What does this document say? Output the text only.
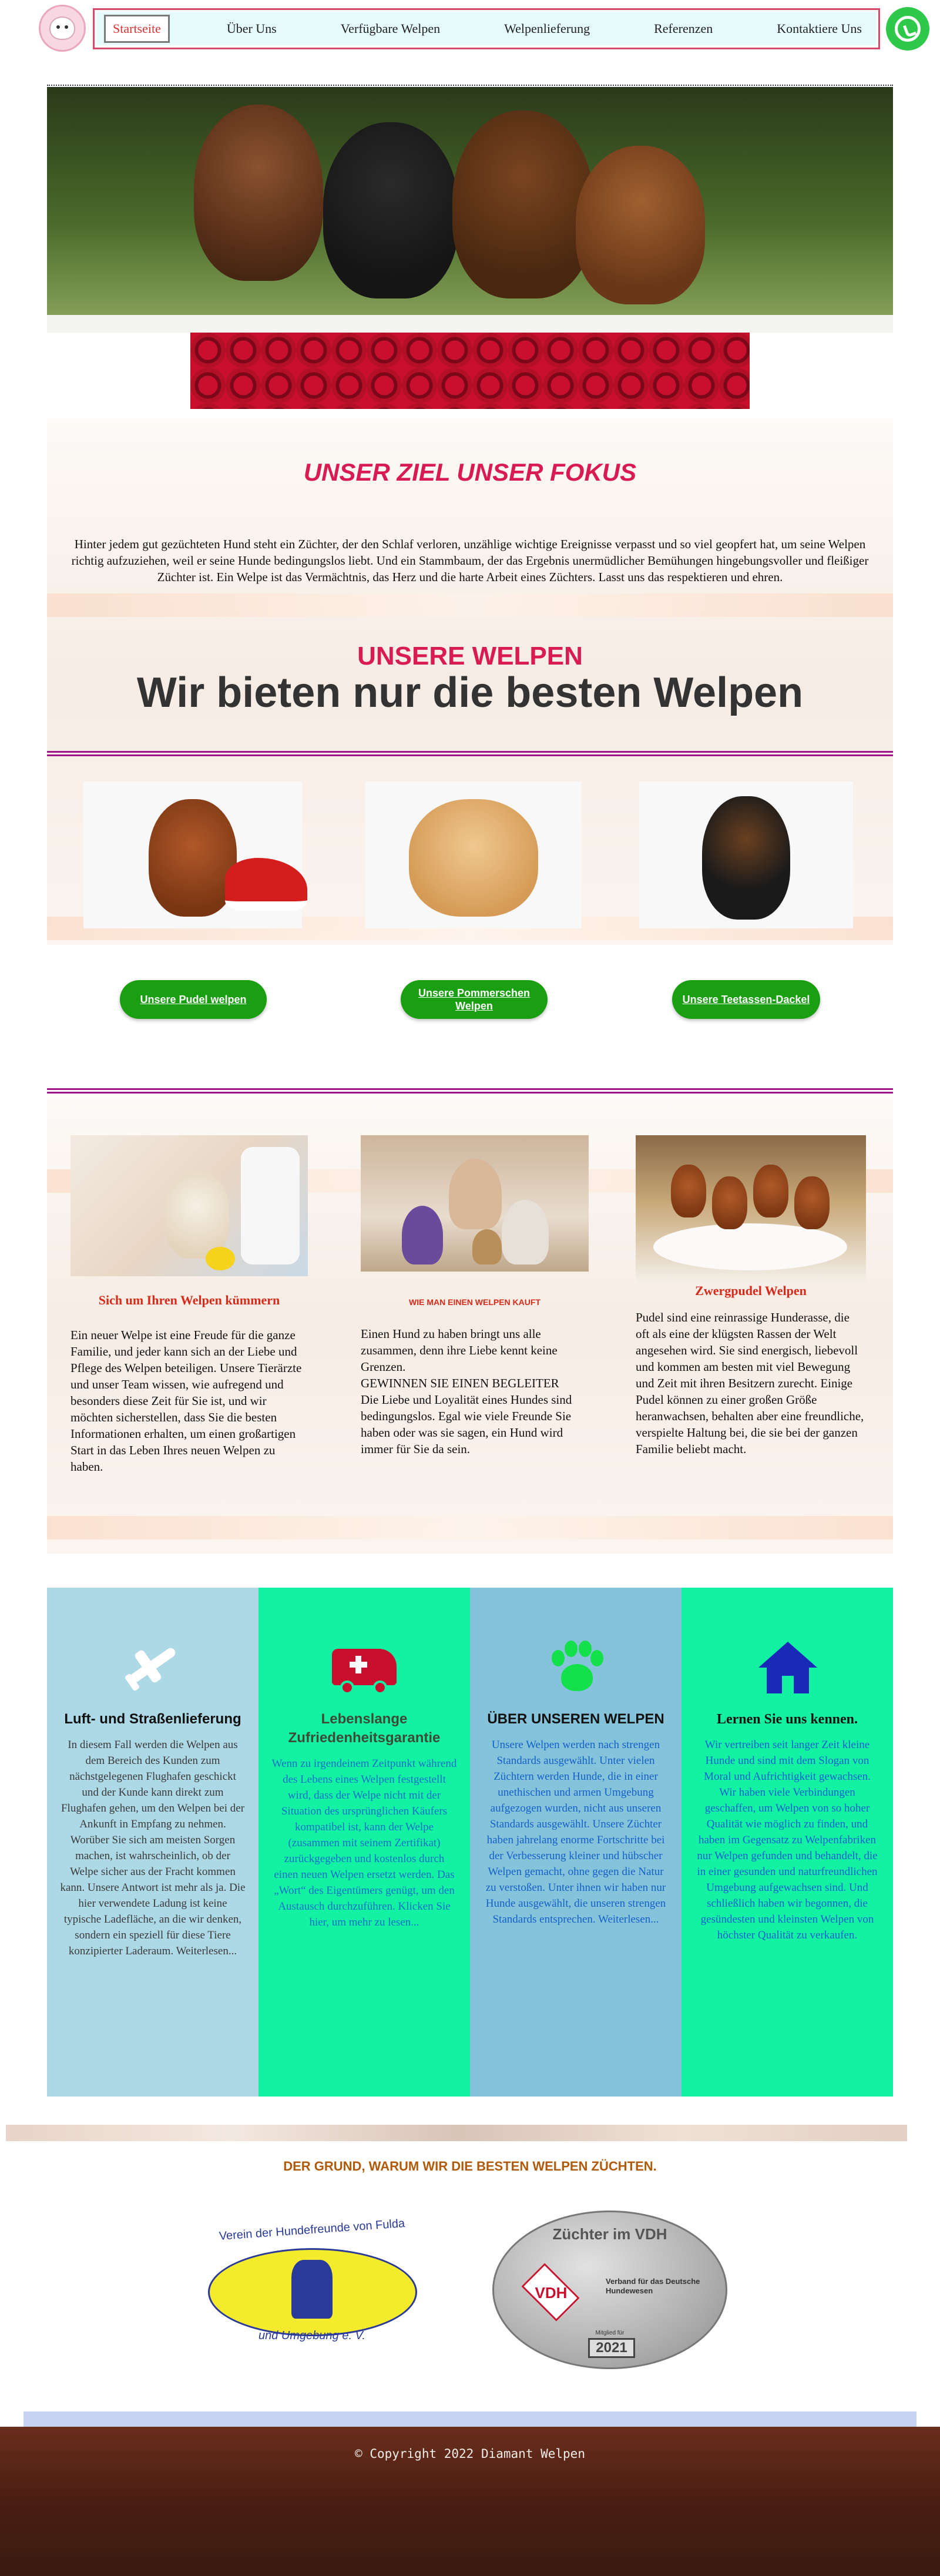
Startseite	Über Uns	Verfügbare Welpen	Welpenlieferung	Referenzen	Kontaktiere Uns
UNSER ZIEL UNSER FOKUS

Hinter jedem gut gezüchteten Hund steht ein Züchter, der den Schlaf verloren, unzählige wichtige Ereignisse verpasst und so viel geopfert hat, um seine Welpen richtig aufzuziehen, weil er seine Hunde bedingungslos liebt. Und ein Stammbaum, der das Ergebnis unermüdlicher Bemühungen hingebungsvoller und fleißiger Züchter ist. Ein Welpe ist das Vermächtnis, das Herz und die harte Arbeit eines Züchters. Lasst uns das respektieren und ehren.

UNSERE WELPEN
Wir bieten nur die besten Welpen
Unsere Pudel welpen
Unsere Pommerschen Welpen
Unsere Teetassen-Dackel
Sich um Ihren Welpen kümmern	WIE MAN EINEN WELPEN KAUFT
Zwergpudel Welpen

Ein neuer Welpe ist eine Freude für die ganze Familie, und jeder kann sich an der Liebe und Pflege des Welpen beteiligen. Unsere Tierärzte und unser Team wissen, wie aufregend und besonders diese Zeit für Sie ist, und wir möchten sicherstellen, dass Sie die besten Informationen erhalten, um einen großartigen Start in das Leben Ihres neuen Welpen zu haben.

Einen Hund zu haben bringt uns alle zusammen, denn ihre Liebe kennt keine Grenzen.
GEWINNEN SIE EINEN BEGLEITER
Die Liebe und Loyalität eines Hundes sind bedingungslos. Egal wie viele Freunde Sie haben oder was sie sagen, ein Hund wird immer für Sie da sein.

Pudel sind eine reinrassige Hunderasse, die oft als eine der klügsten Rassen der Welt angesehen wird. Sie sind energisch, liebevoll und kommen am besten mit viel Bewegung und Zeit mit ihren Besitzern zurecht. Einige Pudel können zu einer großen Größe heranwachsen, behalten aber eine freundliche, verspielte Haltung bei, die sie bei der ganzen Familie beliebt macht.

Luft- und Straßenlieferung

In diesem Fall werden die Welpen aus dem Bereich des Kunden zum nächstgelegenen Flughafen geschickt und der Kunde kann direkt zum Flughafen gehen, um den Welpen bei der Ankunft in Empfang zu nehmen. Worüber Sie sich am meisten Sorgen machen, ist wahrscheinlich, ob der Welpe sicher aus der Fracht kommen kann. Unsere Antwort ist mehr als ja. Die hier verwendete Ladung ist keine typische Ladefläche, an die wir denken, sondern ein speziell für diese Tiere konzipierter Laderaum. Weiterlesen...

Lebenslange Zufriedenheitsgarantie

Wenn zu irgendeinem Zeitpunkt während des Lebens eines Welpen festgestellt wird, dass der Welpe nicht mit der Situation des ursprünglichen Käufers kompatibel ist, kann der Welpe (zusammen mit seinem Zertifikat) zurückgegeben und kostenlos durch einen neuen Welpen ersetzt werden. Das „Wort“ des Eigentümers genügt, um den Austausch durchzuführen. Klicken Sie hier, um mehr zu lesen...

ÜBER UNSEREN WELPEN

Unsere Welpen werden nach strengen Standards ausgewählt. Unter vielen Züchtern werden Hunde, die in einer unethischen und armen Umgebung aufgezogen wurden, nicht aus unseren Standards ausgewählt. Unsere Züchter haben jahrelang enorme Fortschritte bei der Verbesserung kleiner und hübscher Welpen gemacht, ohne gegen die Natur zu verstoßen. Unter ihnen wir haben nur Hunde ausgewählt, die unseren strengen Standards entsprechen. Weiterlesen...

Lernen Sie uns kennen.

Wir vertreiben seit langer Zeit kleine Hunde und sind mit dem Slogan von Moral und Aufrichtigkeit gewachsen. Wir haben viele Verbindungen geschaffen, um Welpen von so hoher Qualität wie möglich zu finden, und haben im Gegensatz zu Welpenfabriken nur Welpen gefunden und behandelt, die in einer gesunden und naturfreundlichen Umgebung aufgewachsen sind. Und schließlich haben wir begonnen, die gesündesten und kleinsten Welpen von höchster Qualität zu verkaufen.

DER GRUND, WARUM WIR DIE BESTEN WELPEN ZÜCHTEN.
Verein der Hundefreunde von Fulda
seit 1908
und Umgebung e. V.
Züchter im VDH
VDH
Verband für das Deutsche Hundewesen
Mitglied für
2021
© Copyright 2022 Diamant Welpen
